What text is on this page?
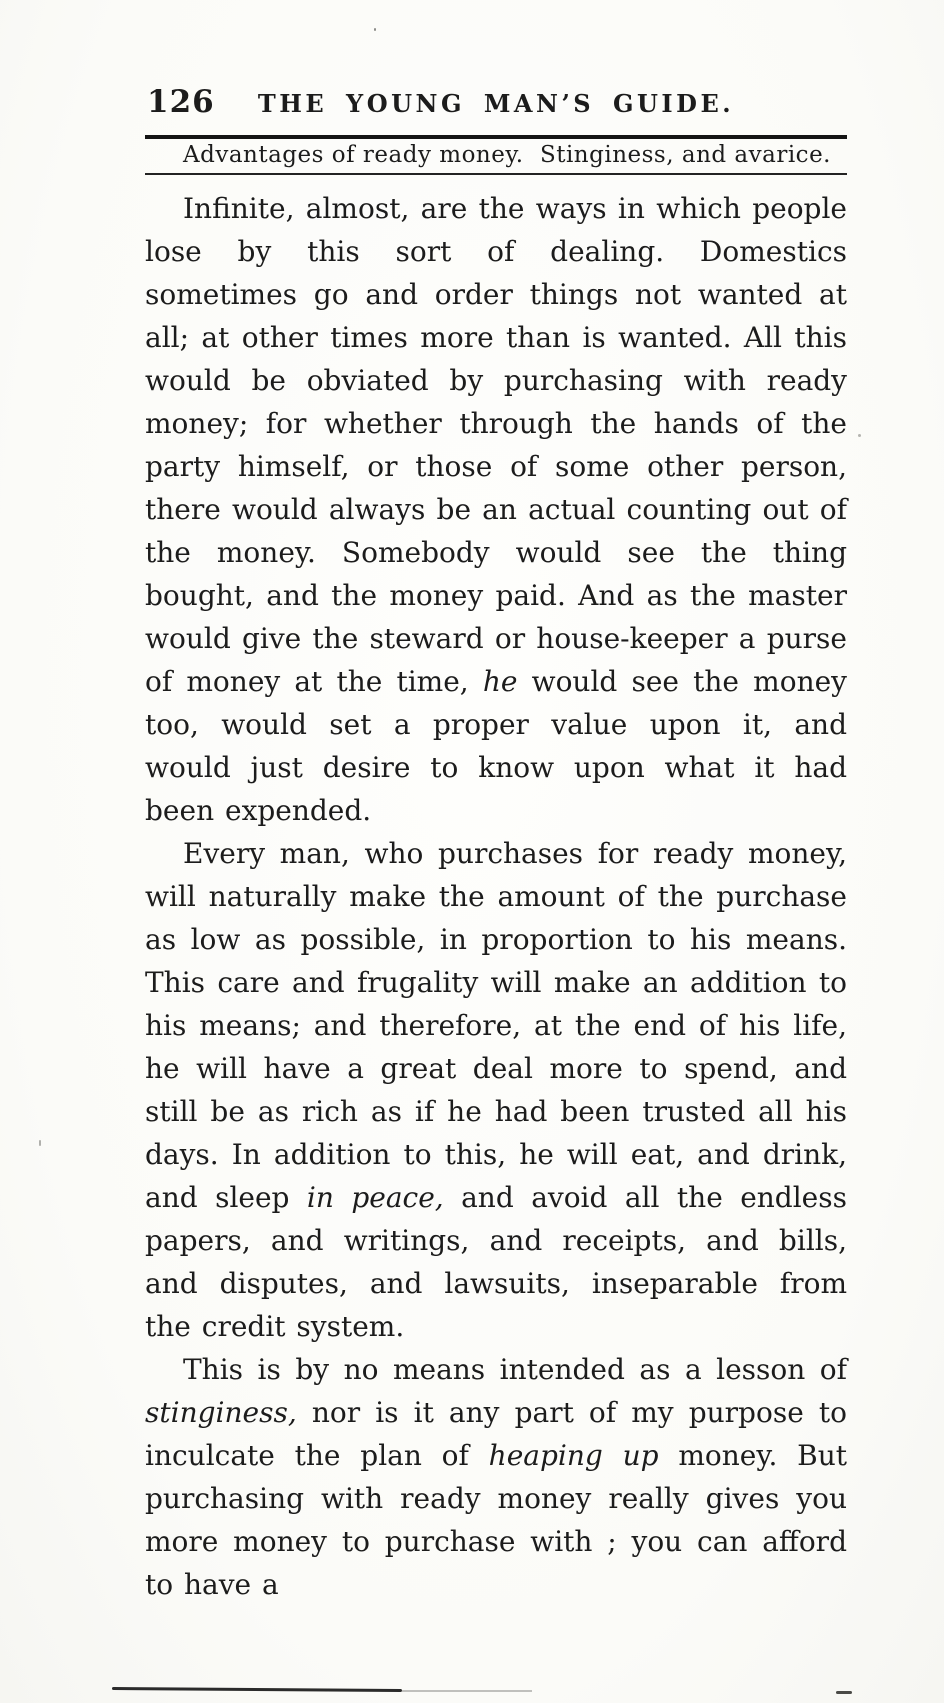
126	THE YOUNG MAN’S GUIDE.
Advantages of ready money. Stinginess, and avarice.

Infinite, almost, are the ways in which people lose by this sort of dealing. Domestics sometimes go and order things not wanted at all; at other times more than is wanted. All this would be obviated by purchasing with ready money; for whether through the hands of the party himself, or those of some other person, there would always be an actual counting out of the money. Somebody would see the thing bought, and the money paid. And as the master would give the steward or house-keeper a purse of money at the time, he would see the money too, would set a proper value upon it, and would just desire to know upon what it had been expended.

Every man, who purchases for ready money, will naturally make the amount of the purchase as low as possible, in proportion to his means. This care and frugality will make an addition to his means; and therefore, at the end of his life, he will have a great deal more to spend, and still be as rich as if he had been trusted all his days. In addition to this, he will eat, and drink, and sleep in peace, and avoid all the endless papers, and writings, and receipts, and bills, and disputes, and lawsuits, inseparable from the credit system.

This is by no means intended as a lesson of stinginess, nor is it any part of my purpose to inculcate the plan of heaping up money. But purchasing with ready money really gives you more money to purchase with ; you can afford to have a
